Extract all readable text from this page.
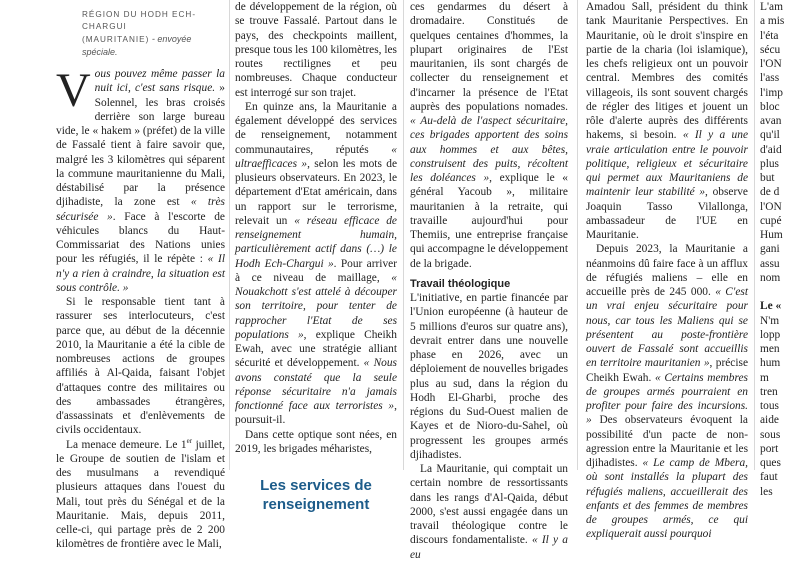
RÉGION DU HODH ECH-CHARGUI
(MAURITANIE) - envoyée spéciale.

Vous pouvez même passer la nuit ici, c'est sans risque. » Solennel, les bras croisés derrière son large bureau vide, le « hakem » (préfet) de la ville de Fassalé tient à faire savoir que, malgré les 3 kilomètres qui séparent la commune mauritanienne du Mali, déstabilisé par la présence djihadiste, la zone est « très sécurisée ». Face à l'escorte de véhicules blancs du Haut-Commissariat des Nations unies pour les réfugiés, il le répète : « Il n'y a rien à craindre, la situation est sous contrôle. »

Si le responsable tient tant à rassurer ses interlocuteurs, c'est parce que, au début de la décennie 2010, la Mauritanie a été la cible de nombreuses actions de groupes affiliés à Al-Qaida, faisant l'objet d'attaques contre des militaires ou des ambassades étrangères, d'assassinats et d'enlèvements de civils occidentaux.

La menace demeure. Le 1er juillet, le Groupe de soutien de l'islam et des musulmans a revendiqué plusieurs attaques dans l'ouest du Mali, tout près du Sénégal et de la Mauritanie. Mais, depuis 2011, celle-ci, qui partage près de 2 200 kilomètres de frontière avec le Mali,

de développement de la région, où se trouve Fassalé. Partout dans le pays, des checkpoints maillent, presque tous les 100 kilomètres, les routes rectilignes et peu nombreuses. Chaque conducteur est interrogé sur son trajet.

En quinze ans, la Mauritanie a également développé des services de renseignement, notamment communautaires, réputés « ultraefficaces », selon les mots de plusieurs observateurs. En 2023, le département d'Etat américain, dans un rapport sur le terrorisme, relevait un « réseau efficace de renseignement humain, particulièrement actif dans (…) le Hodh Ech-Chargui ». Pour arriver à ce niveau de maillage, « Nouakchott s'est attelé à découper son territoire, pour tenter de rapprocher l'Etat de ses populations », explique Cheikh Ewah, avec une stratégie alliant sécurité et développement. « Nous avons constaté que la seule réponse sécuritaire n'a jamais fonctionné face aux terroristes », poursuit-il.

Dans cette optique sont nées, en 2019, les brigades méharistes,

Les services de renseignement

ces gendarmes du désert à dromadaire. Constitués de quelques centaines d'hommes, la plupart originaires de l'Est mauritanien, ils sont chargés de collecter du renseignement et d'incarner la présence de l'Etat auprès des populations nomades. « Au-delà de l'aspect sécuritaire, ces brigades apportent des soins aux hommes et aux bêtes, construisent des puits, récoltent les doléances », explique le « général Yacoub », militaire mauritanien à la retraite, qui travaille aujourd'hui pour Themiis, une entreprise française qui accompagne le développement de la brigade.

Travail théologique

L'initiative, en partie financée par l'Union européenne (à hauteur de 5 millions d'euros sur quatre ans), devrait entrer dans une nouvelle phase en 2026, avec un déploiement de nouvelles brigades plus au sud, dans la région du Hodh El-Gharbi, proche des régions du Sud-Ouest malien de Kayes et de Nioro-du-Sahel, où progressent les groupes armés djihadistes.

La Mauritanie, qui comptait un certain nombre de ressortissants dans les rangs d'Al-Qaida, début 2000, s'est aussi engagée dans un travail théologique contre le discours fondamentaliste. « Il y a eu

Amadou Sall, président du think tank Mauritanie Perspectives. En Mauritanie, où le droit s'inspire en partie de la charia (loi islamique), les chefs religieux ont un pouvoir central. Membres des comités villageois, ils sont souvent chargés de régler des litiges et jouent un rôle d'alerte auprès des différents hakems, si besoin. « Il y a une vraie articulation entre le pouvoir politique, religieux et sécuritaire qui permet aux Mauritaniens de maintenir leur stabilité », observe Joaquin Tasso Vilallonga, ambassadeur de l'UE en Mauritanie.

Depuis 2023, la Mauritanie a néanmoins dû faire face à un afflux de réfugiés maliens – elle en accueille près de 245 000. « C'est un vrai enjeu sécuritaire pour nous, car tous les Maliens qui se présentent au poste-frontière ouvert de Fassalé sont accueillis en territoire mauritanien », précise Cheikh Ewah. « Certains membres de groupes armés pourraient en profiter pour faire des incursions. » Des observateurs évoquent la possibilité d'un pacte de non-agression entre la Mauritanie et les djihadistes. « Le camp de Mbera, où sont installés la plupart des réfugiés maliens, accueillerait des enfants et des femmes de membres de groupes armés, ce qui expliquerait aussi pourquoi

L'am

a mis

l'éta

sécu

l'ON

l'ass

l'imp

bloc

avan

qu'il

d'aid

plus

but

de d

l'ON

cupé

Hum

gani

assu

nom

Le «

N'm

lopp

men

hum

m

tren

tous

aide

sous

port

ques

faut

les
